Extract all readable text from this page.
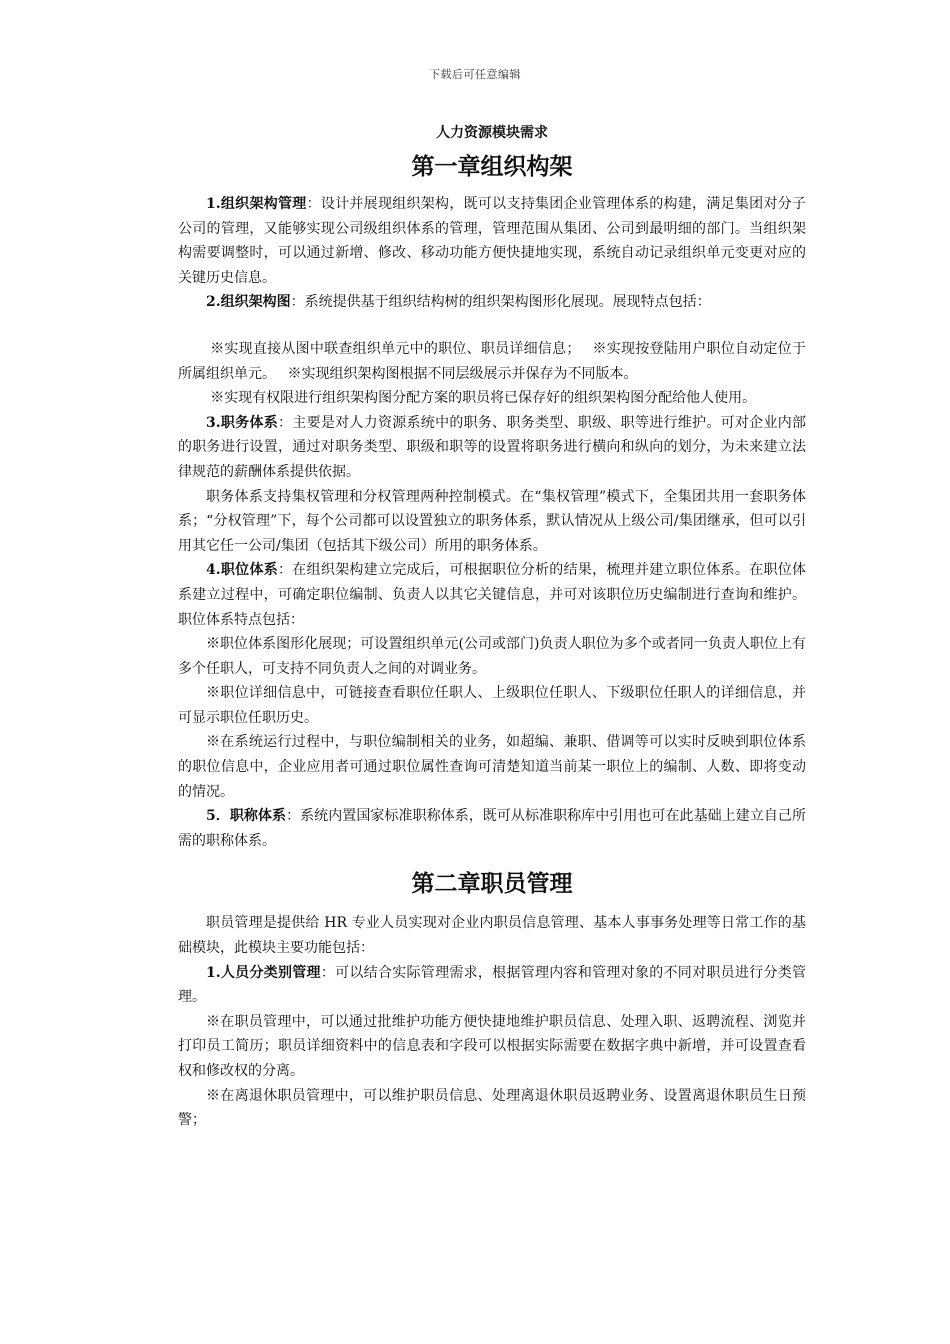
下载后可任意编辑
人力资源模块需求
第一章组织构架

1.组织架构管理：设计并展现组织架构，既可以支持集团企业管理体系的构建，满足集团对分子公司的管理，又能够实现公司级组织体系的管理，管理范围从集团、公司到最明细的部门。当组织架构需要调整时，可以通过新增、修改、移动功能方便快捷地实现，系统自动记录组织单元变更对应的关键历史信息。

2.组织架构图：系统提供基于组织结构树的组织架构图形化展现。展现特点包括：

※实现直接从图中联查组织单元中的职位、职员详细信息；　 ※实现按登陆用户职位自动定位于所属组织单元。　 ※实现组织架构图根据不同层级展示并保存为不同版本。

※实现有权限进行组织架构图分配方案的职员将已保存好的组织架构图分配给他人使用。

3.职务体系：主要是对人力资源系统中的职务、职务类型、职级、职等进行维护。可对企业内部的职务进行设置，通过对职务类型、职级和职等的设置将职务进行横向和纵向的划分，为未来建立法律规范的薪酬体系提供依据。

职务体系支持集权管理和分权管理两种控制模式。在“集权管理”模式下，全集团共用一套职务体系；“分权管理”下，每个公司都可以设置独立的职务体系，默认情况从上级公司/集团继承，但可以引用其它任一公司/集团（包括其下级公司）所用的职务体系。

4.职位体系：在组织架构建立完成后，可根据职位分析的结果，梳理并建立职位体系。在职位体系建立过程中，可确定职位编制、负责人以其它关键信息，并可对该职位历史编制进行查询和维护。职位体系特点包括：

※职位体系图形化展现；可设置组织单元(公司或部门)负责人职位为多个或者同一负责人职位上有多个任职人，可支持不同负责人之间的对调业务。

※职位详细信息中，可链接查看职位任职人、上级职位任职人、下级职位任职人的详细信息，并可显示职位任职历史。

※在系统运行过程中，与职位编制相关的业务，如超编、兼职、借调等可以实时反映到职位体系的职位信息中，企业应用者可通过职位属性查询可清楚知道当前某一职位上的编制、人数、即将变动的情况。

5．职称体系：系统内置国家标准职称体系，既可从标准职称库中引用也可在此基础上建立自己所需的职称体系。

第二章职员管理

职员管理是提供给 HR 专业人员实现对企业内职员信息管理、基本人事事务处理等日常工作的基础模块，此模块主要功能包括：

1.人员分类别管理：可以结合实际管理需求，根据管理内容和管理对象的不同对职员进行分类管理。

※在职员管理中，可以通过批维护功能方便快捷地维护职员信息、处理入职、返聘流程、浏览并打印员工简历；职员详细资料中的信息表和字段可以根据实际需要在数据字典中新增，并可设置查看权和修改权的分离。

※在离退休职员管理中，可以维护职员信息、处理离退休职员返聘业务、设置离退休职员生日预警；
